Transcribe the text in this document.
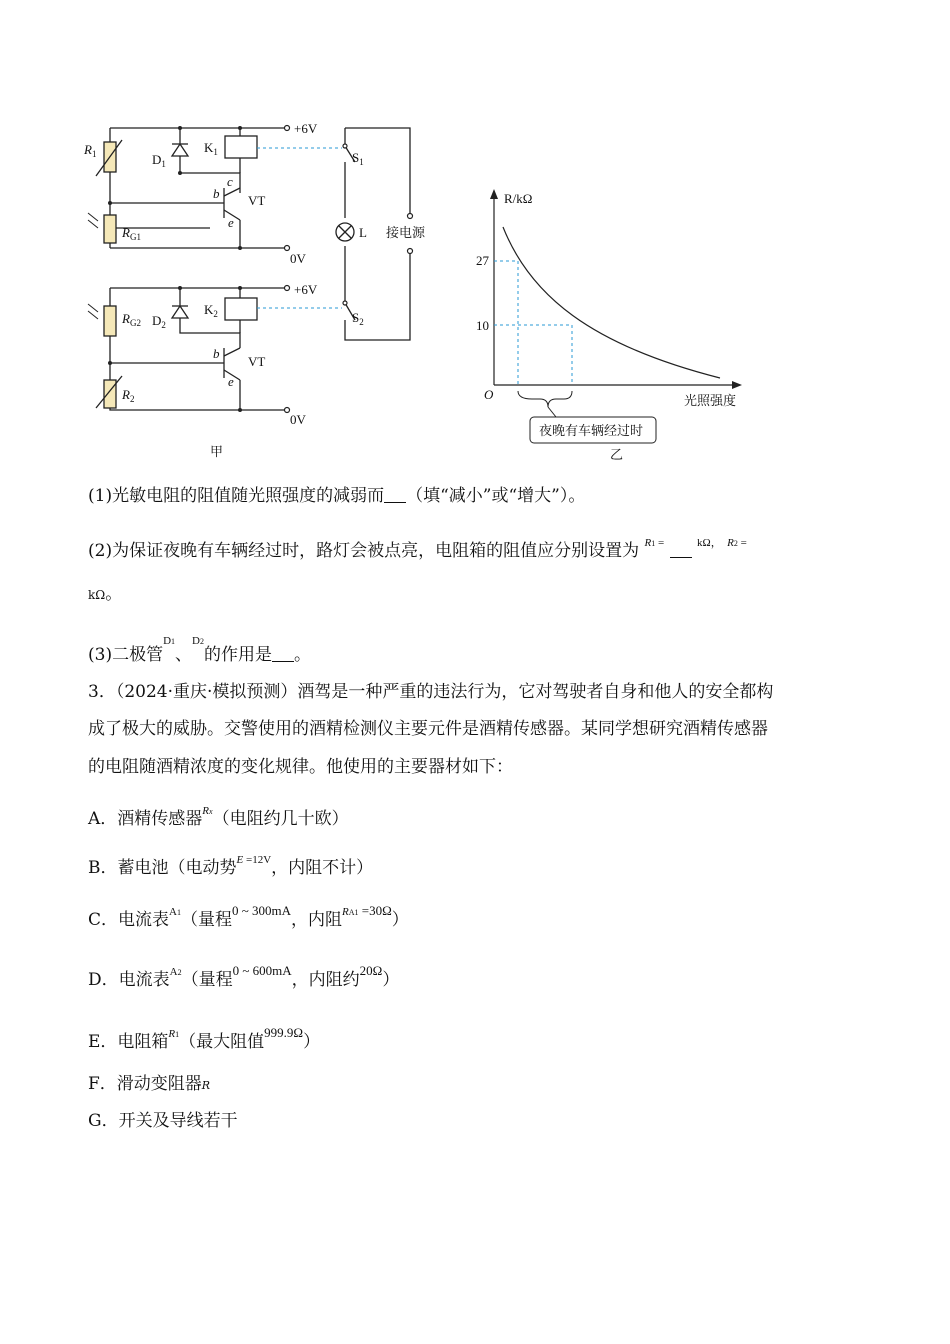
$R_1$	$D_1$
$K_1$
+6V
$S_1$
c
b VT
e
$R_{G1}$
0V
L 接电源
+6V
$R_{G2}$ $D_2$
$K_2$	$S_2$
b
VT
e
$R_2$
0V
甲
R/kΩ
27
10
O	光照强度
夜晚有车辆经过时
乙
(1)光敏电阻的阻值随光照强度的减弱而 （填“减小”或“增大”）。
(2)为保证夜晚有车辆经过时，路灯会被点亮，电阻箱的阻值应分别设置为 $^{R1 =}$	$^{k\Omega,}$ $^{R2 =}$
kΩ。
(3)二极管$^{D1}$、$^{D2}$的作用是 。
3．（2024·重庆·模拟预测）酒驾是一种严重的违法行为，它对驾驶者自身和他人的安全都构
成了极大的威胁。交警使用的酒精检测仪主要元件是酒精传感器。某同学想研究酒精传感器
的电阻随酒精浓度的变化规律。他使用的主要器材如下：
A．酒精传感器$^{Rx}$（电阻约几十欧）
B．蓄电池（电动势$^{E =12V}$，内阻不计）
C．电流表$^{A1}$（量程$^{0 \sim 300mA}$，内阻$^{RA1 =30\Omega}$）
D．电流表$^{A2}$（量程$^{0 \sim 600mA}$，内阻约$^{20\Omega}$）
E．电阻箱$^{R1}$（最大阻值$^{999.9\Omega}$）
F．滑动变阻器R
G．开关及导线若干
